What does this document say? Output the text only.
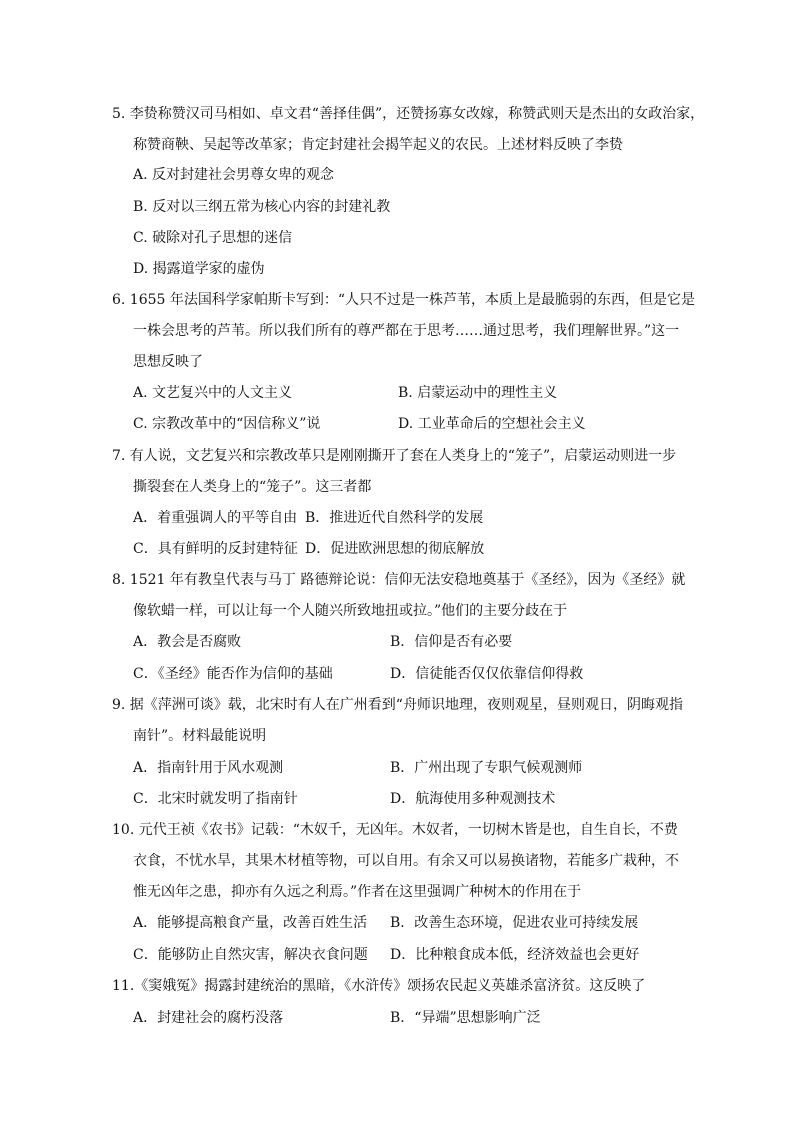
5. 李贽称赞汉司马相如、卓文君“善择佳偶”，还赞扬寡女改嫁，称赞武则天是杰出的女政治家，
称赞商鞅、吴起等改革家；肯定封建社会揭竿起义的农民。上述材料反映了李贽
A. 反对封建社会男尊女卑的观念
B. 反对以三纲五常为核心内容的封建礼教
C. 破除对孔子思想的迷信
D. 揭露道学家的虚伪
6. 1655 年法国科学家帕斯卡写到：“人只不过是一株芦苇，本质上是最脆弱的东西，但是它是
一株会思考的芦苇。所以我们所有的尊严都在于思考……通过思考，我们理解世界。”这一
思想反映了
A. 文艺复兴中的人文主义	B. 启蒙运动中的理性主义
C. 宗教改革中的“因信称义”说	D. 工业革命后的空想社会主义
7. 有人说，文艺复兴和宗教改革只是刚刚撕开了套在人类身上的“笼子”，启蒙运动则进一步
撕裂套在人类身上的“笼子”。这三者都
A．着重强调人的平等自由 B．推进近代自然科学的发展
C．具有鲜明的反封建特征 D．促进欧洲思想的彻底解放
8. 1521 年有教皇代表与马丁 路德辩论说：信仰无法安稳地奠基于《圣经》，因为《圣经》就
像软蜡一样，可以让每一个人随兴所致地扭或拉。”他们的主要分歧在于
A．教会是否腐败	B．信仰是否有必要
C．《圣经》能否作为信仰的基础	D．信徒能否仅仅依靠信仰得救
9. 据《萍洲可谈》载，北宋时有人在广州看到“舟师识地理，夜则观星，昼则观日，阴晦观指
南针”。材料最能说明
A．指南针用于风水观测	B．广州出现了专职气候观测师
C．北宋时就发明了指南针	D．航海使用多种观测技术
10. 元代王祯《农书》记载：“木奴千，无凶年。木奴者，一切树木皆是也，自生自长，不费
衣食，不忧水旱，其果木材植等物，可以自用。有余又可以易换诸物，若能多广栽种，不
惟无凶年之患，抑亦有久远之利焉。”作者在这里强调广种树木的作用在于
A．能够提高粮食产量，改善百姓生活 B．改善生态环境，促进农业可持续发展
C．能够防止自然灾害，解决衣食问题 D．比种粮食成本低，经济效益也会更好
11.《窦娥冤》揭露封建统治的黑暗，《水浒传》颂扬农民起义英雄杀富济贫。这反映了
A．封建社会的腐朽没落	B．“异端”思想影响广泛
